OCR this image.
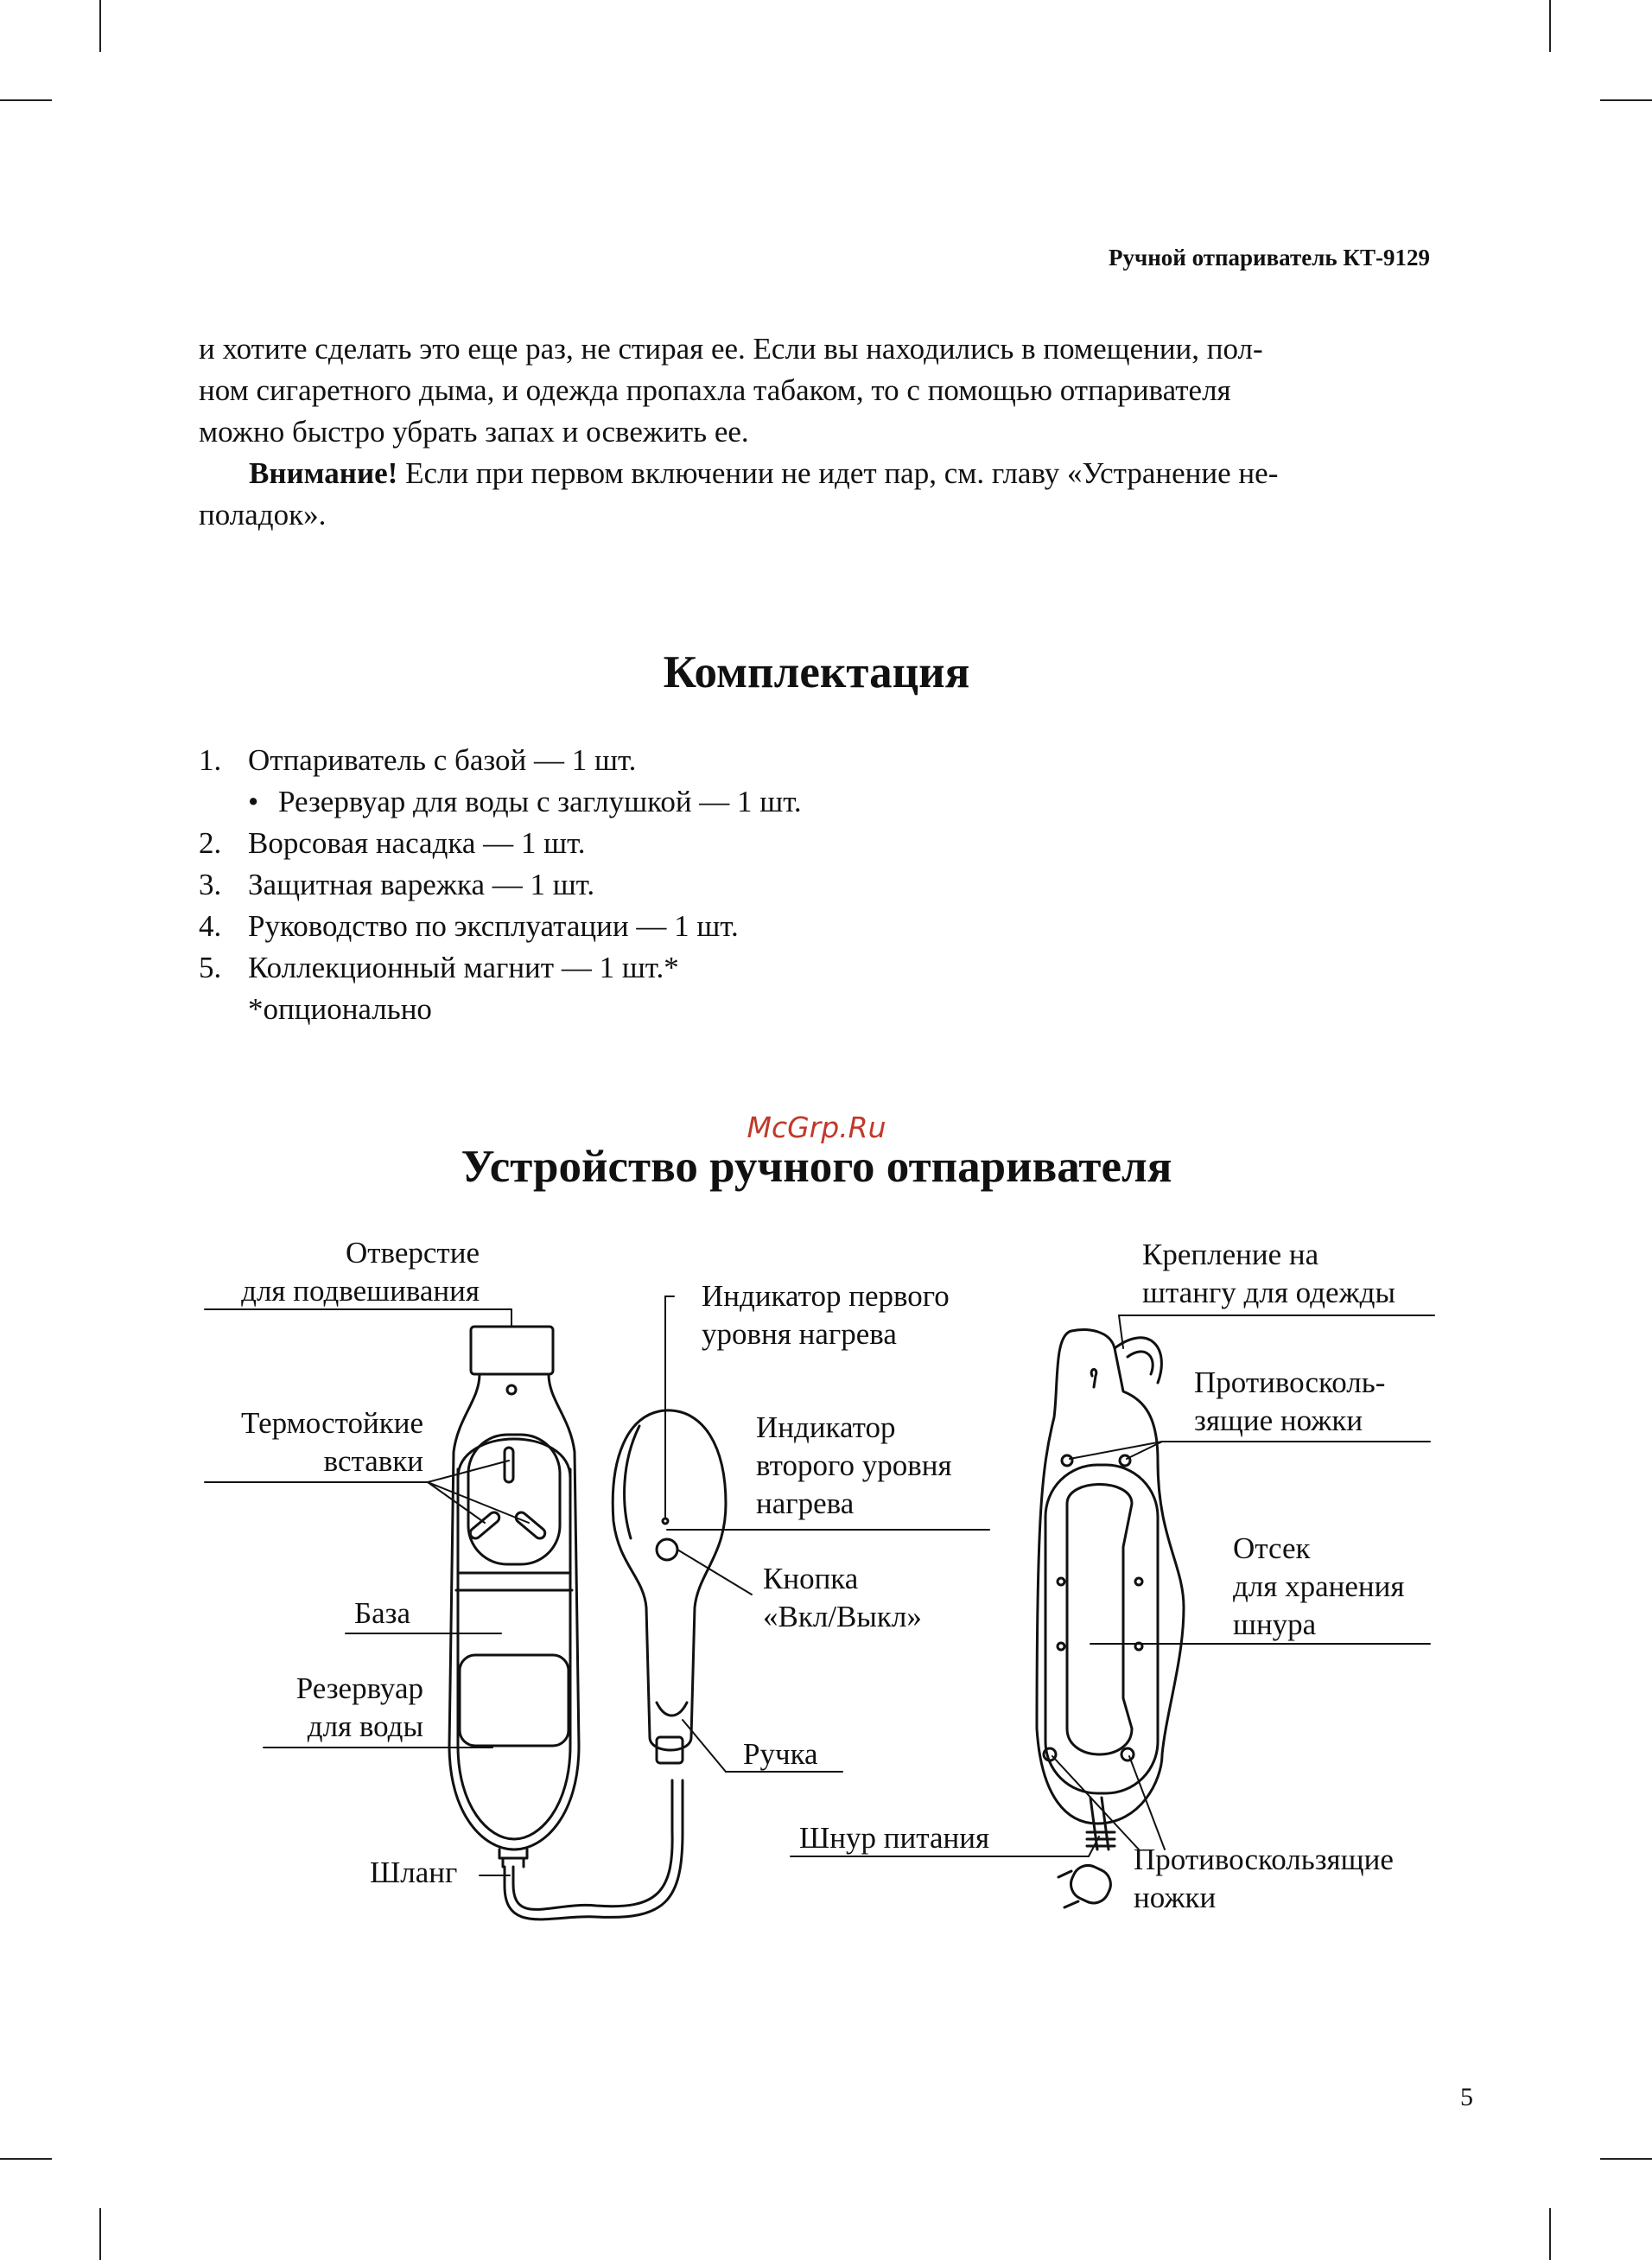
Ручной отпариватель КТ-9129

и хотите сделать это еще раз, не стирая ее. Если вы находились в помещении, пол-

ном сигаретного дыма, и одежда пропахла табаком, то с помощью отпаривателя

можно быстро убрать запах и освежить ее.

Внимание! Если при первом включении не идет пар, см. главу «Устранение не-

поладок».

Комплектация
1. Отпариватель с базой — 1 шт.
• Резервуар для воды с заглушкой — 1 шт.
2. Ворсовая насадка — 1 шт.
3. Защитная варежка — 1 шт.
4. Руководство по эксплуатации — 1 шт.
5. Коллекционный магнит — 1 шт.*
*опционально
McGrp.Ru
Устройство ручного отпаривателя
Отверстие
для подвешивания
Термостойкие
вставки
База
Резервуар
для воды
Шланг
Индикатор первого
уровня нагрева
Индикатор
второго уровня
нагрева
Кнопка
«Вкл/Выкл»
Ручка
Шнур питания
Крепление на
штангу для одежды
Противосколь-
зящие ножки
Отсек
для хранения
шнура
Противоскользящие
ножки
5
